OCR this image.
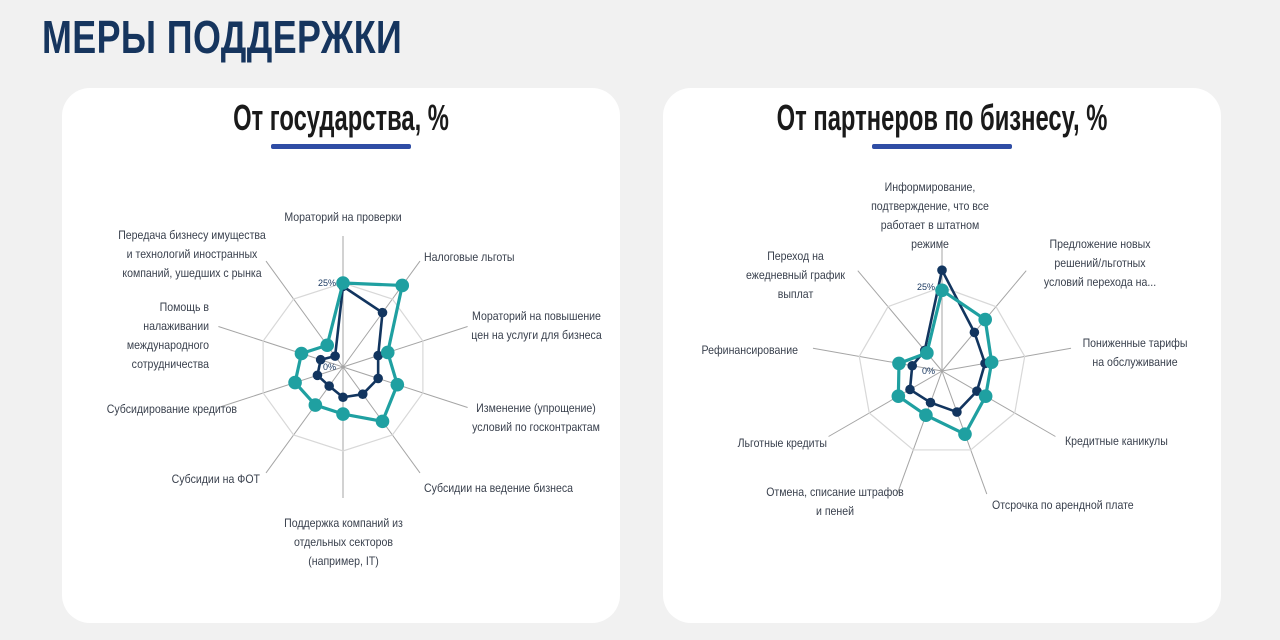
МЕРЫ ПОДДЕРЖКИ
От государства, %
0%
25%
Мораторий на проверки
Налоговые льготы
Мораторий на повышение цен на услуги для бизнеса
Изменение (упрощение) условий по госконтрактам
Субсидии на ведение бизнеса
Поддержка компаний из отдельных секторов (например, IT)
Субсидии на ФОТ
Субсидирование кредитов
Помощь в налаживании международного сотрудничества
Передача бизнесу имущества и технологий иностранных компаний, ушедших с рынка
От партнеров по бизнесу, %
0%
25%
Информирование, подтверждение, что все работает в штатном режиме	Предложение новых решений/льготных условий перехода на...
Пониженные тарифы на обслуживание
Кредитные каникулы
Отсрочка по арендной плате
Отмена, списание штрафов и пеней
Льготные кредиты
Рефинансирование
Переход на ежедневный график выплат
